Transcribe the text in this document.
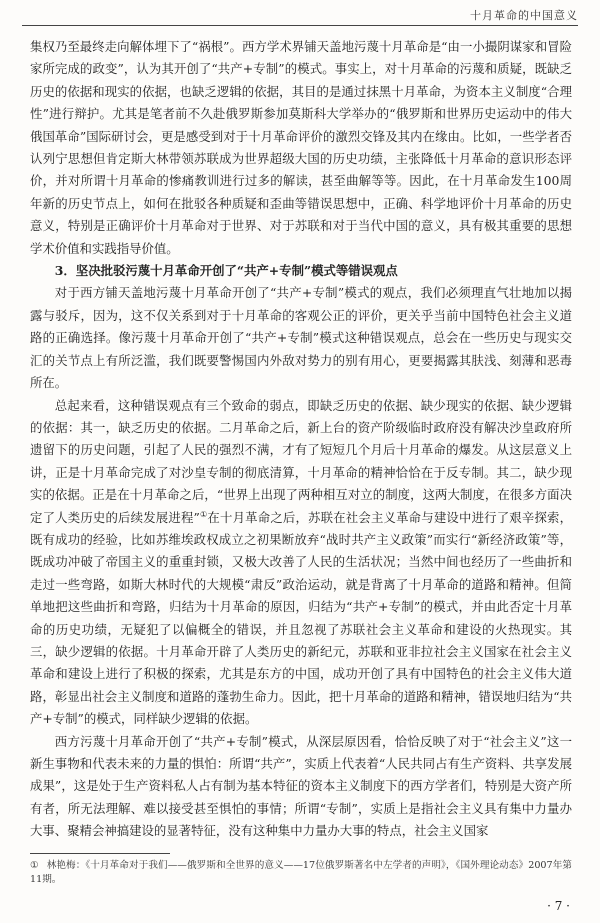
十月革命的中国意义

集权乃至最终走向解体埋下了“祸根”。西方学术界铺天盖地污蔑十月革命是“由一小撮阴谋家和冒险家所完成的政变”，认为其开创了“共产+专制”的模式。事实上，对十月革命的污蔑和质疑，既缺乏历史的依据和现实的依据，也缺乏逻辑的依据，其目的是通过抹黑十月革命，为资本主义制度“合理性”进行辩护。尤其是笔者前不久赴俄罗斯参加莫斯科大学举办的“俄罗斯和世界历史运动中的伟大俄国革命”国际研讨会，更是感受到对于十月革命评价的激烈交锋及其内在缘由。比如，一些学者否认列宁思想但肯定斯大林带领苏联成为世界超级大国的历史功绩，主张降低十月革命的意识形态评价，并对所谓十月革命的惨痛教训进行过多的解读，甚至曲解等等。因此，在十月革命发生100周年新的历史节点上，如何在批驳各种质疑和歪曲等错误思想中，正确、科学地评价十月革命的历史意义，特别是正确评价十月革命对于世界、对于苏联和对于当代中国的意义，具有极其重要的思想学术价值和实践指导价值。

3．坚决批驳污蔑十月革命开创了“共产+专制”模式等错误观点

对于西方铺天盖地污蔑十月革命开创了“共产+专制”模式的观点，我们必须理直气壮地加以揭露与驳斥，因为，这不仅关系到对于十月革命的客观公正的评价，更关乎当前中国特色社会主义道路的正确选择。像污蔑十月革命开创了“共产+专制”模式这种错误观点，总会在一些历史与现实交汇的关节点上有所泛滥，我们既要警惕国内外敌对势力的别有用心，更要揭露其肤浅、刻薄和恶毒所在。

总起来看，这种错误观点有三个致命的弱点，即缺乏历史的依据、缺少现实的依据、缺少逻辑的依据：其一，缺乏历史的依据。二月革命之后，新上台的资产阶级临时政府没有解决沙皇政府所遗留下的历史问题，引起了人民的强烈不满，才有了短短几个月后十月革命的爆发。从这层意义上讲，正是十月革命完成了对沙皇专制的彻底清算，十月革命的精神恰恰在于反专制。其二，缺少现实的依据。正是在十月革命之后，“世界上出现了两种相互对立的制度，这两大制度，在很多方面决定了人类历史的后续发展进程”①在十月革命之后，苏联在社会主义革命与建设中进行了艰辛探索，既有成功的经验，比如苏维埃政权成立之初果断放弃“战时共产主义政策”而实行“新经济政策”等，既成功冲破了帝国主义的重重封锁，又极大改善了人民的生活状况；当然中间也经历了一些曲折和走过一些弯路，如斯大林时代的大规模“肃反”政治运动，就是背离了十月革命的道路和精神。但简单地把这些曲折和弯路，归结为十月革命的原因，归结为“共产+专制”的模式，并由此否定十月革命的历史功绩，无疑犯了以偏概全的错误，并且忽视了苏联社会主义革命和建设的火热现实。其三，缺少逻辑的依据。十月革命开辟了人类历史的新纪元，苏联和亚非拉社会主义国家在社会主义革命和建设上进行了积极的探索，尤其是东方的中国，成功开创了具有中国特色的社会主义伟大道路，彰显出社会主义制度和道路的蓬勃生命力。因此，把十月革命的道路和精神，错误地归结为“共产+专制”的模式，同样缺少逻辑的依据。

西方污蔑十月革命开创了“共产+专制”模式，从深层原因看，恰恰反映了对于“社会主义”这一新生事物和代表未来的力量的惧怕：所谓“共产”，实质上代表着“人民共同占有生产资料、共享发展成果”，这是处于生产资料私人占有制为基本特征的资本主义制度下的西方学者们，特别是大资产所有者，所无法理解、难以接受甚至惧怕的事情；所谓“专制”，实质上是指社会主义具有集中力量办大事、聚精会神搞建设的显著特征，没有这种集中力量办大事的特点，社会主义国家

① 林艳梅：《十月革命对于我们——俄罗斯和全世界的意义——17位俄罗斯著名中左学者的声明》，《国外理论动态》2007年第11期。
· 7 ·
